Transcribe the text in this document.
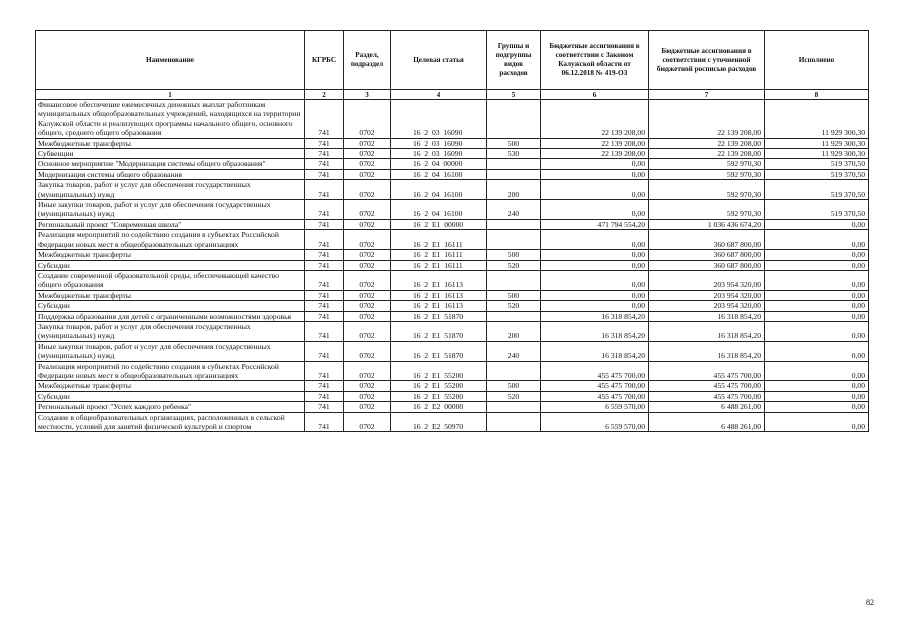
Наименование	КГРБС	Раздел, подраздел	Целевая статья	Группы и подгруппы видов расходов	Бюджетные ассигнования в соответствии с Законом Калужской области от 06.12.2018 № 419-ОЗ	Бюджетные ассигнования в соответствии с уточненной бюджетной росписью расходов	Исполнено
1	2	3	4	5	6	7	8
Финансовое обеспечение ежемесячных денежных выплат работникам муниципальных общеобразовательных учреждений, находящихся на территории Калужской области и реализующих программы начального общего, основного общего, среднего общего образования	741	0702	16  2  03  16090		22 139 208,00	22 139 208,00	11 929 300,30
Межбюджетные трансферты	741	0702	16  2  03  16090	500	22 139 208,00	22 139 208,00	11 929 300,30
Субвенции	741	0702	16  2  03  16090	530	22 139 208,00	22 139 208,00	11 929 300,30
Основное мероприятие "Модернизация системы общего образования"	741	0702	16  2  04  00000		0,00	592 970,30	519 370,50
Модернизация системы общего образования	741	0702	16  2  04  16100		0,00	592 970,30	519 370,50
Закупка товаров, работ и услуг для обеспечения государственных (муниципальных) нужд	741	0702	16  2  04  16100	200	0,00	592 970,30	519 370,50
Иные закупки товаров, работ и услуг для обеспечения государственных (муниципальных) нужд	741	0702	16  2  04  16100	240	0,00	592 970,30	519 370,50
Региональный проект "Современная школа"	741	0702	16  2  E1  00000		471 794 554,20	1 036 436 674,20	0,00
Реализация мероприятий по содействию создания в субъектах Российской Федерации новых мест в общеобразовательных организациях	741	0702	16  2  E1  16111		0,00	360 687 800,00	0,00
Межбюджетные трансферты	741	0702	16  2  E1  16111	500	0,00	360 687 800,00	0,00
Субсидии	741	0702	16  2  E1  16111	520	0,00	360 687 800,00	0,00
Создание современной образовательной среды, обеспечивающей качество общего образования	741	0702	16  2  E1  16113		0,00	203 954 320,00	0,00
Межбюджетные трансферты	741	0702	16  2  E1  16113	500	0,00	203 954 320,00	0,00
Субсидии	741	0702	16  2  E1  16113	520	0,00	203 954 320,00	0,00
Поддержка образования для детей с ограниченными возможностями здоровья	741	0702	16  2  E1  51870		16 318 854,20	16 318 854,20	0,00
Закупка товаров, работ и услуг для обеспечения государственных (муниципальных) нужд	741	0702	16  2  E1  51870	200	16 318 854,20	16 318 854,20	0,00
Иные закупки товаров, работ и услуг для обеспечения государственных (муниципальных) нужд	741	0702	16  2  E1  51870	240	16 318 854,20	16 318 854,20	0,00
Реализация мероприятий по содействию создания в субъектах Российской Федерации новых мест в общеобразовательных организациях	741	0702	16  2  E1  55200		455 475 700,00	455 475 700,00	0,00
Межбюджетные трансферты	741	0702	16  2  E1  55200	500	455 475 700,00	455 475 700,00	0,00
Субсидии	741	0702	16  2  E1  55200	520	455 475 700,00	455 475 700,00	0,00
Региональный проект "Успех каждого ребенка"	741	0702	16  2  E2  00000		6 559 570,00	6 488 261,00	0,00
Создание в общеобразовательных организациях, расположенных в сельской местности, условий для занятий физической культурой и спортом	741	0702	16  2  E2  50970		6 559 570,00	6 488 261,00	0,00
82
